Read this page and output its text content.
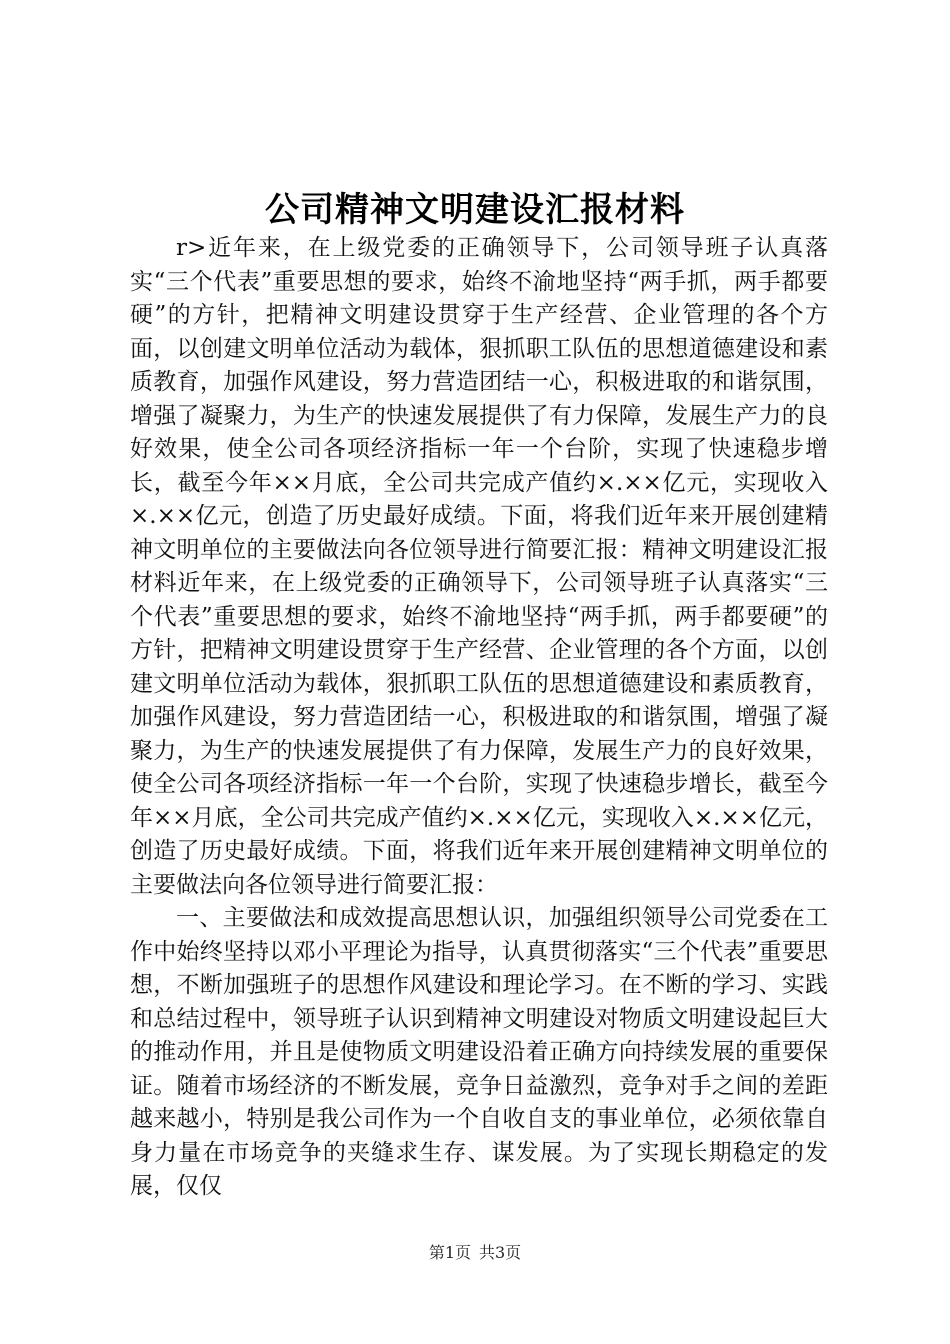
公司精神文明建设汇报材料

r>近年来，在上级党委的正确领导下，公司领导班子认真落实“三个代表”重要思想的要求，始终不渝地坚持“两手抓，两手都要硬”的方针，把精神文明建设贯穿于生产经营、企业管理的各个方面，以创建文明单位活动为载体，狠抓职工队伍的思想道德建设和素质教育，加强作风建设，努力营造团结一心，积极进取的和谐氛围，增强了凝聚力，为生产的快速发展提供了有力保障，发展生产力的良好效果，使全公司各项经济指标一年一个台阶，实现了快速稳步增长，截至今年××月底，全公司共完成产值约×.××亿元，实现收入×.××亿元，创造了历史最好成绩。下面，将我们近年来开展创建精神文明单位的主要做法向各位领导进行简要汇报：精神文明建设汇报材料近年来，在上级党委的正确领导下，公司领导班子认真落实“三个代表”重要思想的要求，始终不渝地坚持“两手抓，两手都要硬”的方针，把精神文明建设贯穿于生产经营、企业管理的各个方面，以创建文明单位活动为载体，狠抓职工队伍的思想道德建设和素质教育，加强作风建设，努力营造团结一心，积极进取的和谐氛围，增强了凝聚力，为生产的快速发展提供了有力保障，发展生产力的良好效果，使全公司各项经济指标一年一个台阶，实现了快速稳步增长，截至今年××月底，全公司共完成产值约×.××亿元，实现收入×.××亿元，创造了历史最好成绩。下面，将我们近年来开展创建精神文明单位的主要做法向各位领导进行简要汇报：

一、主要做法和成效提高思想认识，加强组织领导公司党委在工作中始终坚持以邓小平理论为指导，认真贯彻落实“三个代表”重要思想，不断加强班子的思想作风建设和理论学习。在不断的学习、实践和总结过程中，领导班子认识到精神文明建设对物质文明建设起巨大的推动作用，并且是使物质文明建设沿着正确方向持续发展的重要保证。随着市场经济的不断发展，竞争日益激烈，竞争对手之间的差距越来越小，特别是我公司作为一个自收自支的事业单位，必须依靠自身力量在市场竞争的夹缝求生存、谋发展。为了实现长期稳定的发展，仅仅

第1页 共3页
